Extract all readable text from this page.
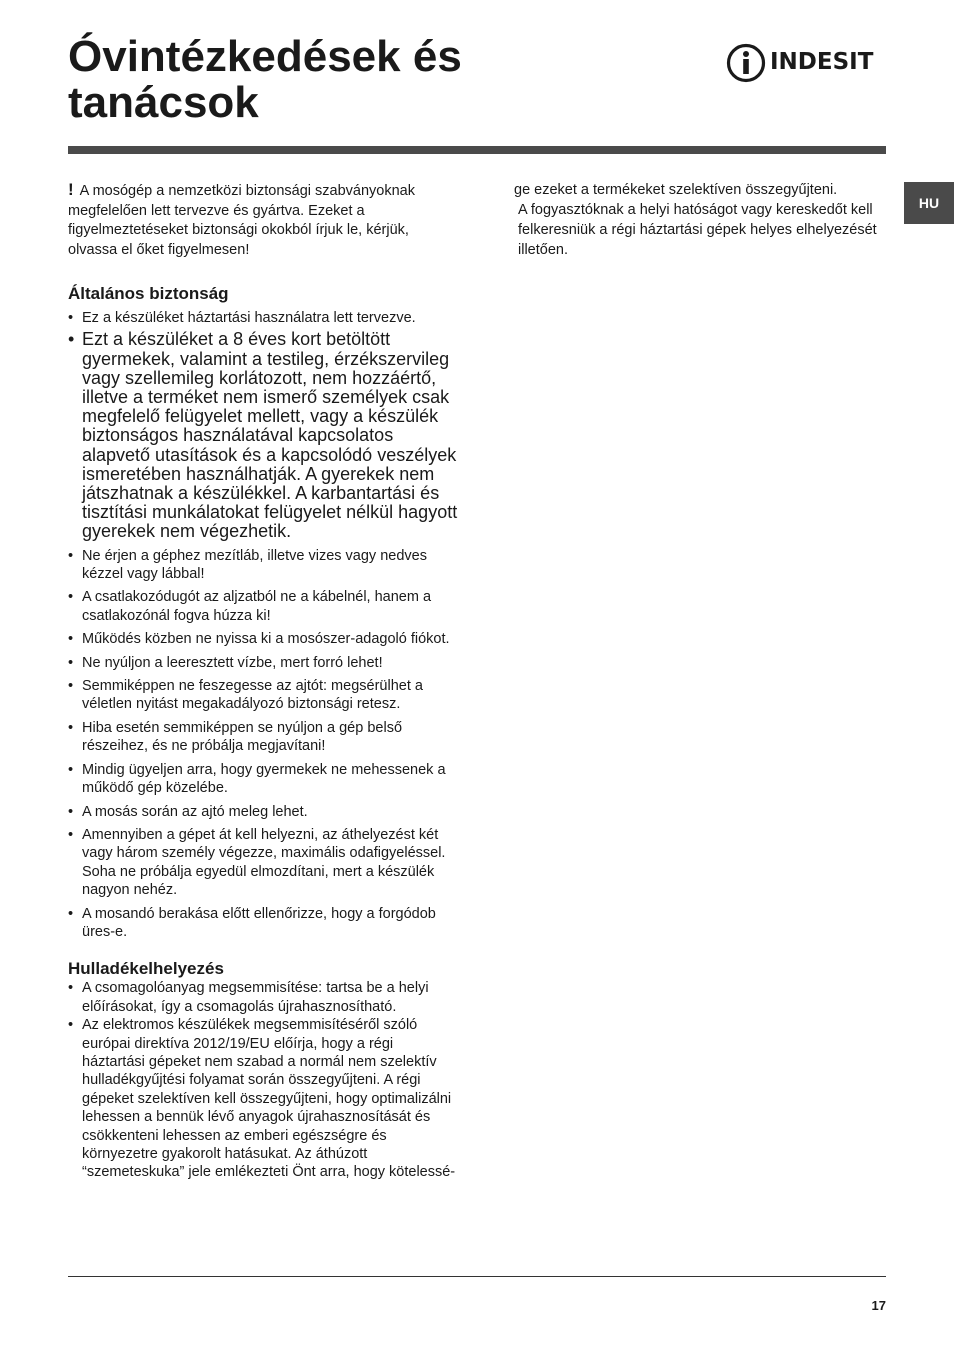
Óvintézkedések és
tanácsok
INDESIT
HU

! A mosógép a nemzetközi biztonsági szabványoknak megfelelően lett tervezve és gyártva. Ezeket a figyelmeztetéseket biztonsági okokból írjuk le, kérjük, olvassa el őket figyelmesen!

Általános biztonság
• Ez a készüléket háztartási használatra lett tervezve.
• Ezt a készüléket a 8 éves kort betöltött gyermekek, valamint a testileg, érzékszervileg vagy szellemileg korlátozott, nem hozzáértő, illetve a terméket nem ismerő személyek csak megfelelő felügyelet mellett, vagy a készülék biztonságos használatával kapcsolatos alapvető utasítások és a kapcsolódó veszélyek ismeretében használhatják. A gyerekek nem játszhatnak a készülékkel. A karbantartási és tisztítási munkálatokat felügyelet nélkül hagyott gyerekek nem végezhetik.
• Ne érjen a géphez mezítláb, illetve vizes vagy nedves kézzel vagy lábbal!
• A csatlakozódugót az aljzatból ne a kábelnél, hanem a csatlakozónál fogva húzza ki!
• Működés közben ne nyissa ki a mosószer-adagoló fiókot.
• Ne nyúljon a leeresztett vízbe, mert forró lehet!
• Semmiképpen ne feszegesse az ajtót: megsérülhet a véletlen nyitást megakadályozó biztonsági retesz.
• Hiba esetén semmiképpen se nyúljon a gép belső részeihez, és ne próbálja megjavítani!
• Mindig ügyeljen arra, hogy gyermekek ne mehessenek a működő gép közelébe.
• A mosás során az ajtó meleg lehet.
• Amennyiben a gépet át kell helyezni, az áthelyezést két vagy három személy végezze, maximális odafigyeléssel. Soha ne próbálja egyedül elmozdítani, mert a készülék nagyon nehéz.
• A mosandó berakása előtt ellenőrizze, hogy a forgódob üres-e.
Hulladékelhelyezés
• A csomagolóanyag megsemmisítése: tartsa be a helyi előírásokat, így a csomagolás újrahasznosítható.
• Az elektromos készülékek megsemmisítéséről szóló európai direktíva 2012/19/EU előírja, hogy a régi háztartási gépeket nem szabad a normál nem szelektív hulladékgyűjtési folyamat során összegyűjteni. A régi gépeket szelektíven kell összegyűjteni, hogy optimalizálni lehessen a bennük lévő anyagok újrahasznosítását és csökkenteni lehessen az emberi egészségre és környezetre gyakorolt hatásukat. Az áthúzott “szemeteskuka” jele emlékezteti Önt arra, hogy kötelessé-

ge ezeket a termékeket szelektíven összegyűjteni.

A fogyasztóknak a helyi hatóságot vagy kereskedőt kell felkeresniük a régi háztartási gépek helyes elhelyezését illetően.

17
